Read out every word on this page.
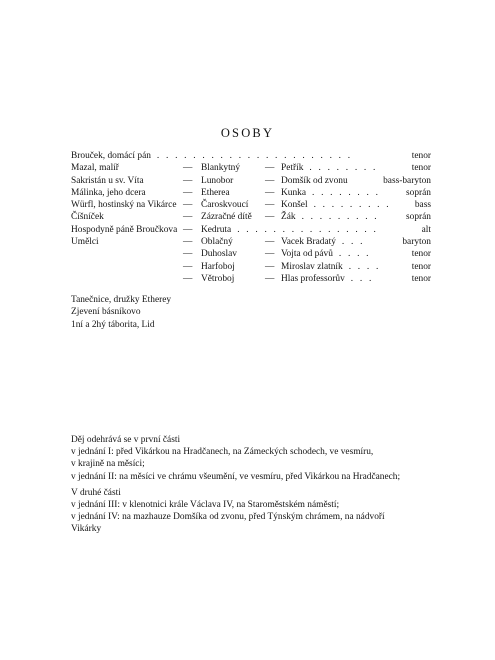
OSOBY
Brouček, domácí pán	tenor
. . . . . . . . . . . . . . . . . . . . . .
Mazal, malíř	— Blankytný	— Petřík	tenor
. . . . . . . .
Sakristán u sv. Víta	— Lunobor	— Domšík od zvonu	bass-baryton
Málinka, jeho dcera	— Etherea	— Kunka	soprán
. . . . . . . .
Würfl, hostinský na Vikárce — Čaroskvoucí — Konšel	bass
. . . . . . . . .
Číšníček	— Zázračné dítě — Žák	soprán
. . . . . . . . .
Hospodyně páně Broučkova — Kedruta	alt
. . . . . . . . . . . . . . . .
Umělci	— Oblačný	— Vacek Bradatý	baryton
. . .
— Duhoslav	— Vojta od pávů	tenor
. . . .
— Harfoboj	— Miroslav zlatník	tenor
. . . .
— Větroboj	— Hlas professorův	tenor
. . .
Tanečnice, družky Etherey
Zjevení básníkovo
1ní a 2hý táborita, Lid
Děj odehrává se v první části
v jednání I: před Vikárkou na Hradčanech, na Zámeckých schodech, ve vesmíru,
v krajině na měsíci;
v jednání II: na měsíci ve chrámu všeumění, ve vesmíru, před Vikárkou na Hradčanech;
V druhé části
v jednání III: v klenotnici krále Václava IV, na Staroměstském náměstí;
v jednání IV: na mazhauze Domšíka od zvonu, před Týnským chrámem, na nádvoří
Vikárky
